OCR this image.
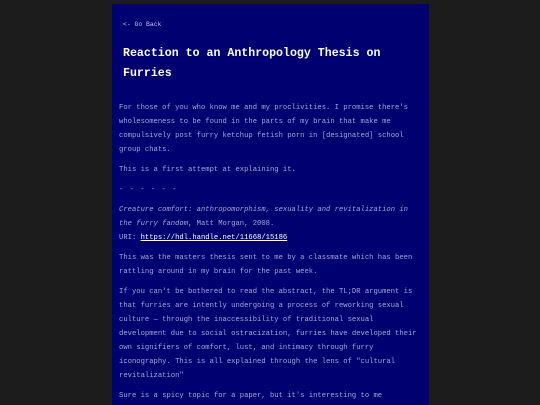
<- Go Back
Reaction to an Anthropology Thesis on Furries

For those of you who know me and my proclivities. I promise there's wholesomeness to be found in the parts of my brain that make me compulsively post furry ketchup fetish porn in [designated] school group chats.

This is a first attempt at explaining it.

- - - - - -

Creature comfort: anthropomorphism, sexuality and revitalization in the furry fandom, Matt Morgan, 2008.
URI: https://hdl.handle.net/11668/15186

This was the masters thesis sent to me by a classmate which has been rattling around in my brain for the past week.

If you can't be bothered to read the abstract, the TL;DR argument is that furries are intently undergoing a process of reworking sexual culture — through the inaccessibility of traditional sexual development due to social ostracization, furries have developed their own signifiers of comfort, lust, and intimacy through furry iconography. This is all explained through the lens of "cultural revitalization"

Sure is a spicy topic for a paper, but it's interesting to me
